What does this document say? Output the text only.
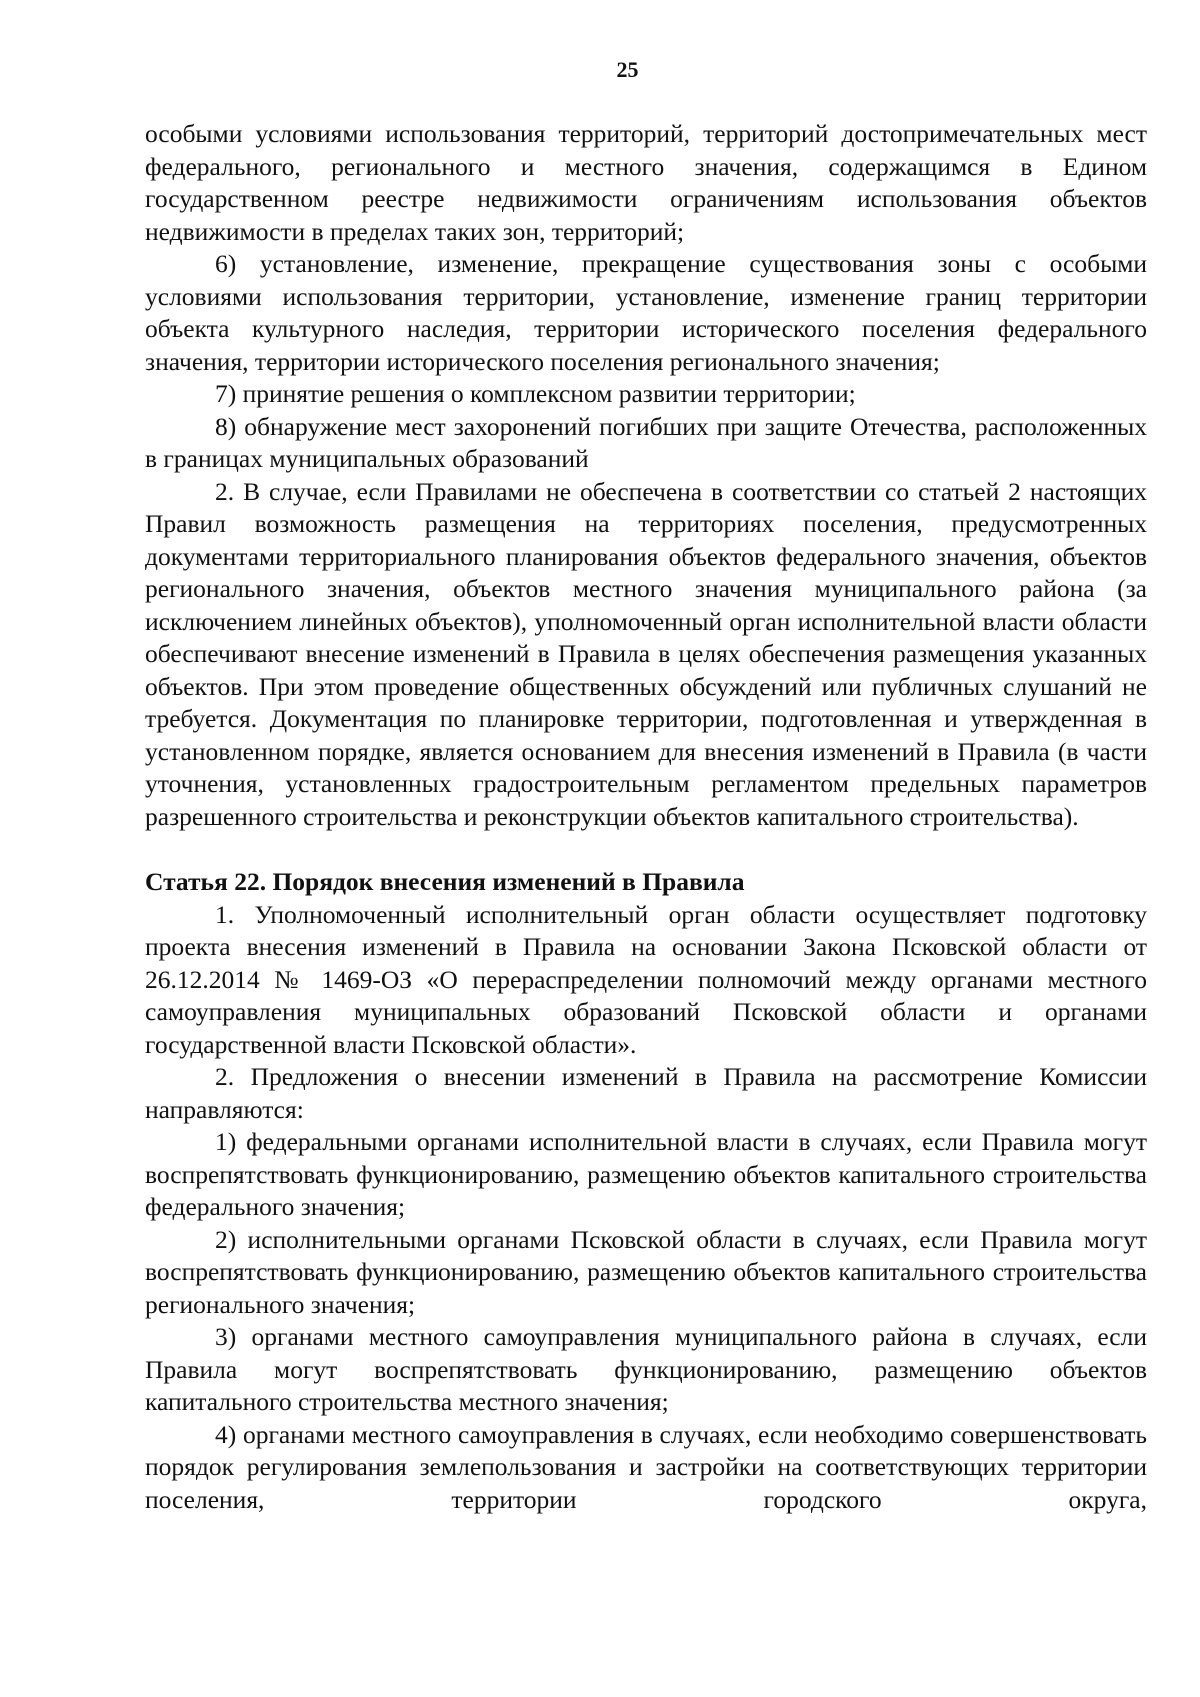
25

особыми условиями использования территорий, территорий достопримечательных мест федерального, регионального и местного значения, содержащимся в Едином государственном реестре недвижимости ограничениям использования объектов недвижимости в пределах таких зон, территорий;

6) установление, изменение, прекращение существования зоны с особыми условиями использования территории, установление, изменение границ территории объекта культурного наследия, территории исторического поселения федерального значения, территории исторического поселения регионального значения;

7) принятие решения о комплексном развитии территории;

8) обнаружение мест захоронений погибших при защите Отечества, расположенных в границах муниципальных образований

2. В случае, если Правилами не обеспечена в соответствии со статьей 2 настоящих Правил возможность размещения на территориях поселения, предусмотренных документами территориального планирования объектов федерального значения, объектов регионального значения, объектов местного значения муниципального района (за исключением линейных объектов), уполномоченный орган исполнительной власти области обеспечивают внесение изменений в Правила в целях обеспечения размещения указанных объектов. При этом проведение общественных обсуждений или публичных слушаний не требуется. Документация по планировке территории, подготовленная и утвержденная в установленном порядке, является основанием для внесения изменений в Правила (в части уточнения, установленных градостроительным регламентом предельных параметров разрешенного строительства и реконструкции объектов капитального строительства).

Статья 22. Порядок внесения изменений в Правила

1. Уполномоченный исполнительный орган области осуществляет подготовку проекта внесения изменений в Правила на основании Закона Псковской области от 26.12.2014 № 1469-ОЗ «О перераспределении полномочий между органами местного самоуправления муниципальных образований Псковской области и органами государственной власти Псковской области».

2. Предложения о внесении изменений в Правила на рассмотрение Комиссии направляются:

1) федеральными органами исполнительной власти в случаях, если Правила могут воспрепятствовать функционированию, размещению объектов капитального строительства федерального значения;

2) исполнительными органами Псковской области в случаях, если Правила могут воспрепятствовать функционированию, размещению объектов капитального строительства регионального значения;

3) органами местного самоуправления муниципального района в случаях, если Правила могут воспрепятствовать функционированию, размещению объектов капитального строительства местного значения;

4) органами местного самоуправления в случаях, если необходимо совершенствовать порядок регулирования землепользования и застройки на соответствующих территории поселения, территории городского округа,
